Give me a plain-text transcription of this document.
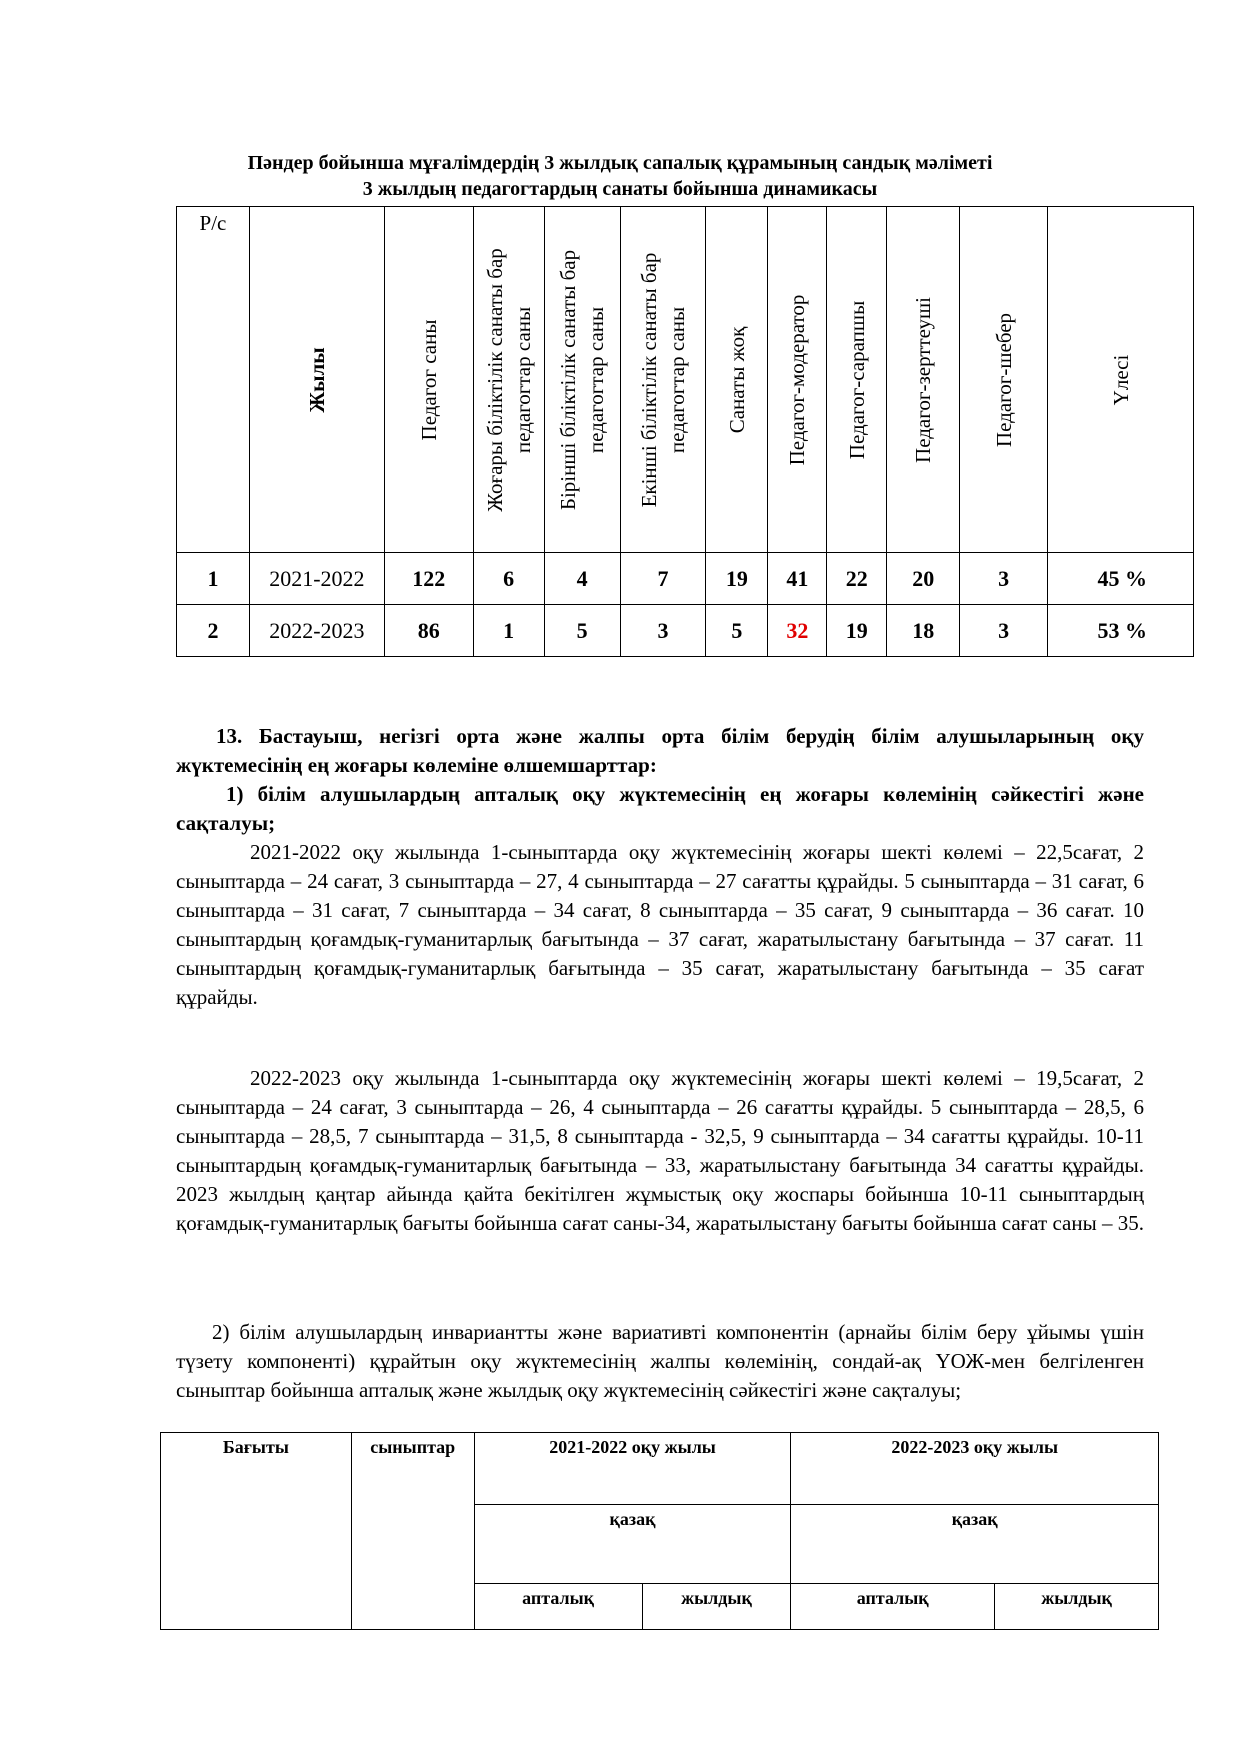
Пәндер бойынша мұғалімдердің 3 жылдық сапалық құрамының сандық мәліметі
3 жылдың педагогтардың санаты бойынша динамикасы
Р/с	Жылы	Педагог саны	Жоғары біліктілік санаты бар педагогтар саны	Бірінші біліктілік санаты бар педагогтар саны	Екінші біліктілік санаты бар педагогтар саны	Санаты жоқ	Педагог-модератор	Педагог-сарапшы	Педагог-зерттеуші	Педагог-шебер	Үлесі

1	2021-2022	122	6	4	7	19	41	22	20	3	45 %
2	2022-2023	86	1	5	3	5	32	19	18	3	53 %
13. Бастауыш, негізгі орта және жалпы орта білім берудің білім алушыларының оқу жүктемесінің ең жоғары көлеміне өлшемшарттар:
1) білім алушылардың апталық оқу жүктемесінің ең жоғары көлемінің сәйкестігі және сақталуы;
2021-2022 оқу жылында 1-сыныптарда оқу жүктемесінің жоғары шекті көлемі – 22,5сағат, 2 сыныптарда – 24 сағат, 3 сыныптарда – 27, 4 сыныптарда – 27 сағатты құрайды. 5 сыныптарда – 31 сағат, 6 сыныптарда – 31 сағат, 7 сыныптарда – 34 сағат, 8 сыныптарда – 35 сағат, 9 сыныптарда – 36 сағат. 10 сыныптардың қоғамдық-гуманитарлық бағытында – 37 сағат, жаратылыстану бағытында – 37 сағат. 11 сыныптардың қоғамдық-гуманитарлық бағытында – 35 сағат, жаратылыстану бағытында – 35 сағат құрайды.
2022-2023 оқу жылында 1-сыныптарда оқу жүктемесінің жоғары шекті көлемі – 19,5сағат, 2 сыныптарда – 24 сағат, 3 сыныптарда – 26, 4 сыныптарда – 26 сағатты құрайды. 5 сыныптарда – 28,5, 6 сыныптарда – 28,5, 7 сыныптарда – 31,5, 8 сыныптарда - 32,5, 9 сыныптарда – 34 сағатты құрайды. 10-11 сыныптардың қоғамдық-гуманитарлық бағытында – 33, жаратылыстану бағытында 34 сағатты құрайды. 2023 жылдың қаңтар айында қайта бекітілген жұмыстық оқу жоспары бойынша 10-11 сыныптардың қоғамдық-гуманитарлық бағыты бойынша сағат саны-34, жаратылыстану бағыты бойынша сағат саны – 35.
2) білім алушылардың инвариантты және вариативті компонентін (арнайы білім беру ұйымы үшін түзету компоненті) құрайтын оқу жүктемесінің жалпы көлемінің, сондай-ақ ҮОЖ-мен белгіленген сыныптар бойынша апталық және жылдық оқу жүктемесінің сәйкестігі және сақталуы;
Бағыты	сыныптар	2021-2022 оқу жылы		2022-2023 оқу жылы	
		қазақ		қазақ	
		апталық	жылдық	апталық	жылдық
